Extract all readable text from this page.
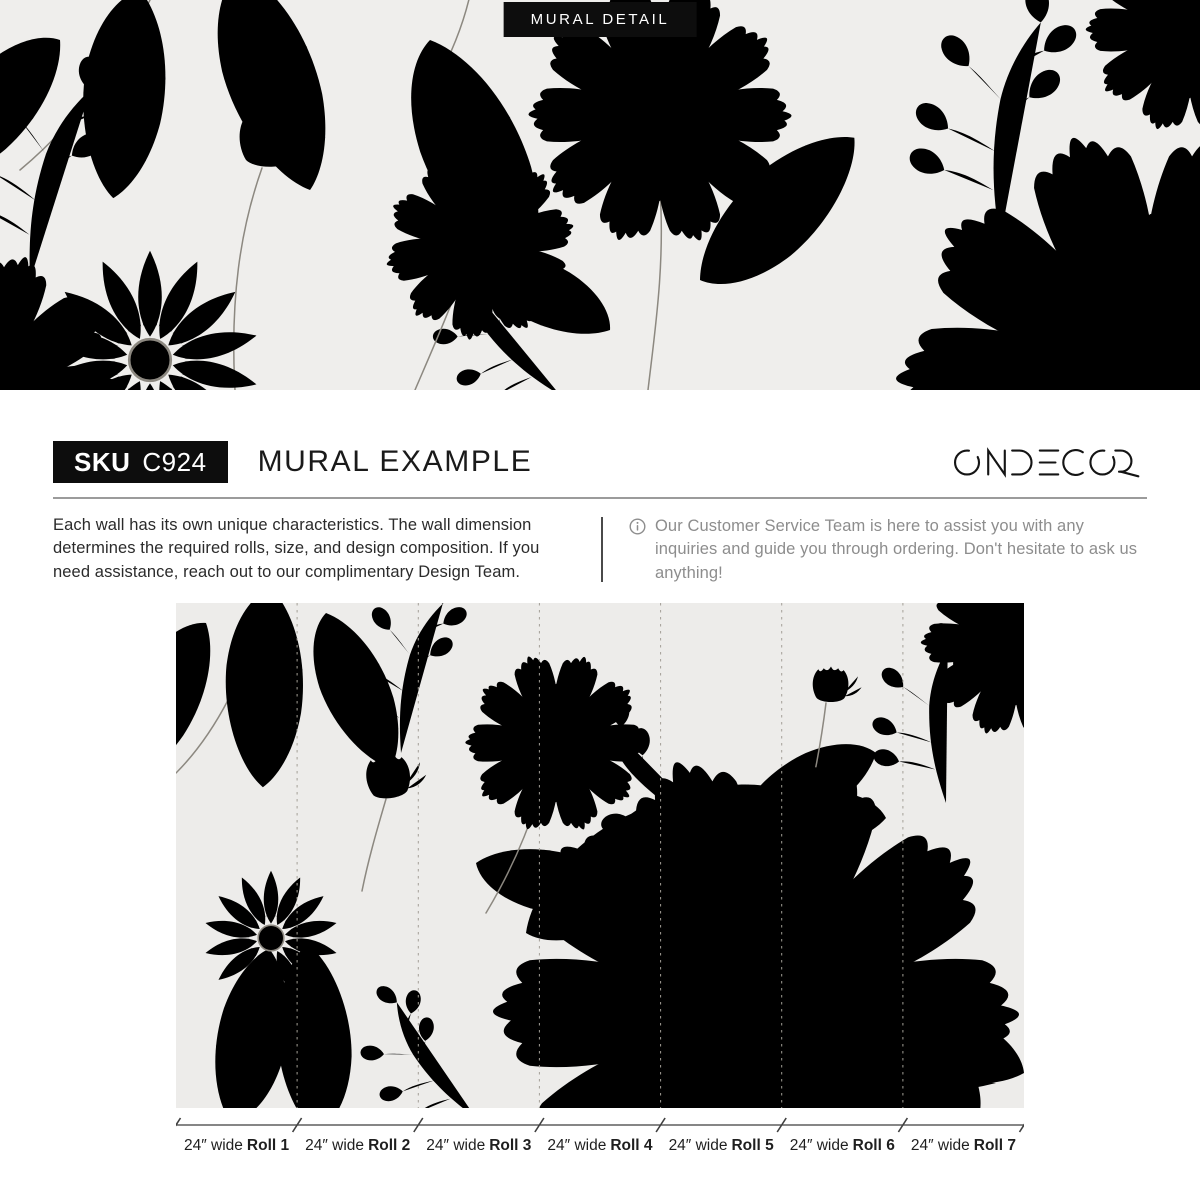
MURAL DETAIL
SKU C924 MURAL EXAMPLE
Each wall has its own unique characteristics. The wall dimension determines the required rolls, size, and design composition. If you need assistance, reach out to our complimentary Design Team.
Our Customer Service Team is here to assist you with any inquiries and guide you through ordering. Don't hesitate to ask us anything!
24″ wide Roll 1	24″ wide Roll 2	24″ wide Roll 3	24″ wide Roll 4	24″ wide Roll 5	24″ wide Roll 6	24″ wide Roll 7
